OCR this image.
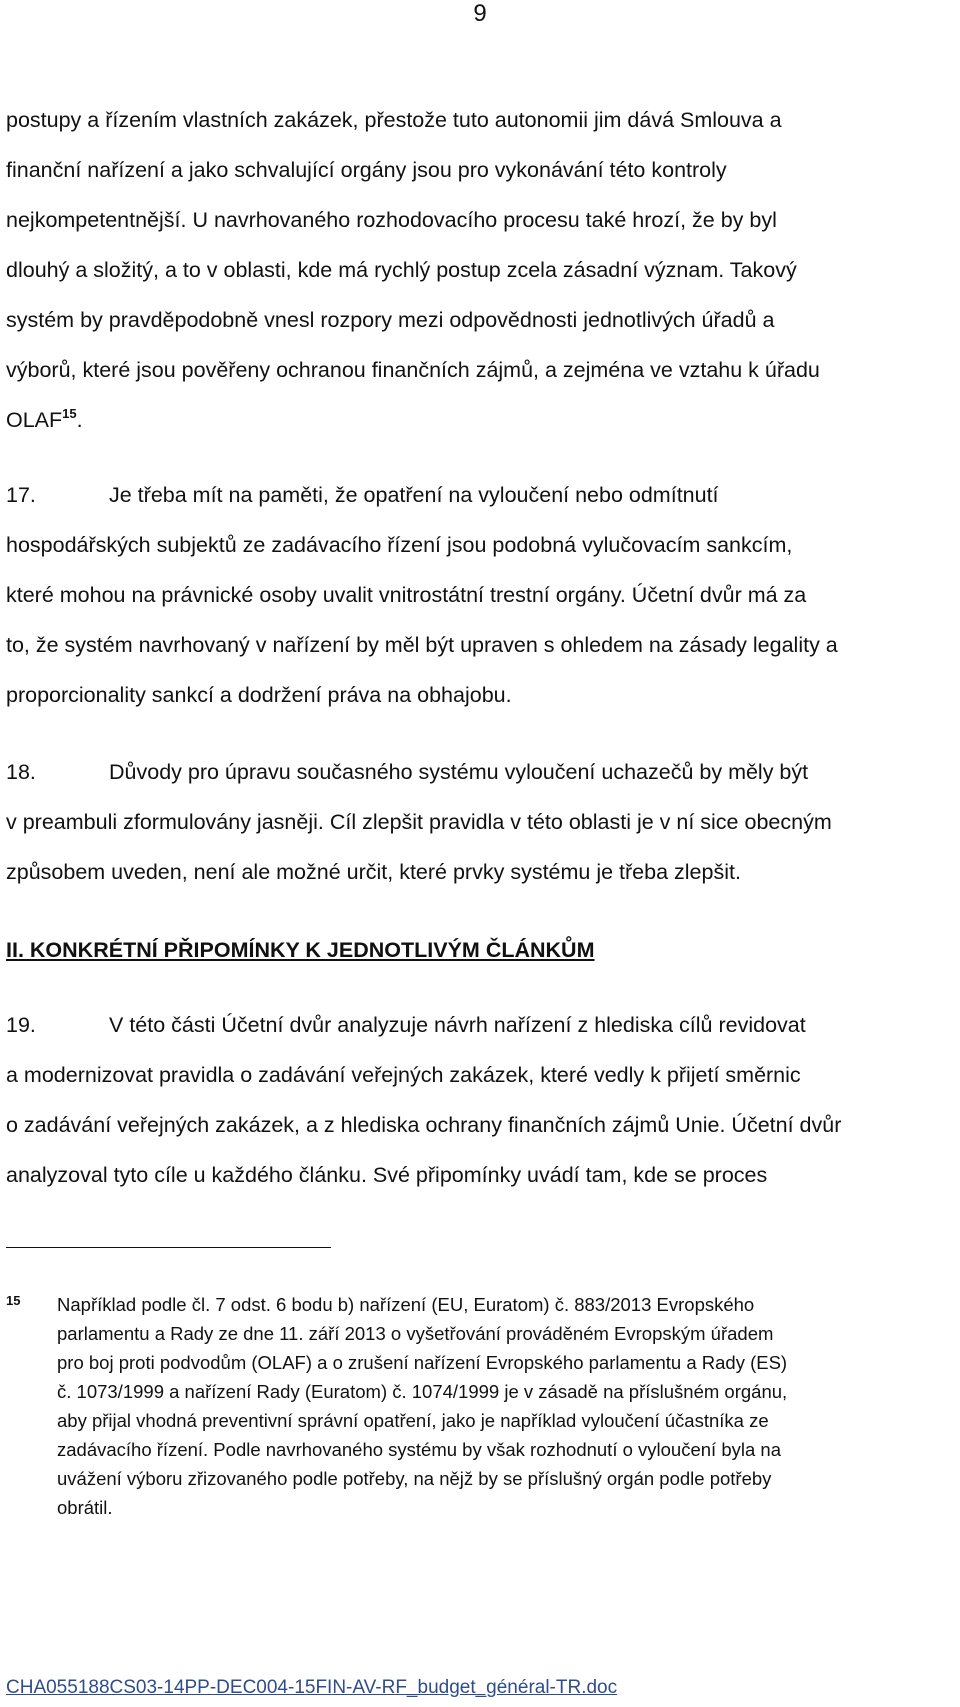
9
postupy a řízením vlastních zakázek, přestože tuto autonomii jim dává Smlouva a
finanční nařízení a jako schvalující orgány jsou pro vykonávání této kontroly
nejkompetentnější. U navrhovaného rozhodovacího procesu také hrozí, že by byl
dlouhý a složitý, a to v oblasti, kde má rychlý postup zcela zásadní význam. Takový
systém by pravděpodobně vnesl rozpory mezi odpovědnosti jednotlivých úřadů a
výborů, které jsou pověřeny ochranou finančních zájmů, a zejména ve vztahu k úřadu
OLAF$^{15}$.
17.	Je třeba mít na paměti, že opatření na vyloučení nebo odmítnutí
hospodářských subjektů ze zadávacího řízení jsou podobná vylučovacím sankcím,
které mohou na právnické osoby uvalit vnitrostátní trestní orgány. Účetní dvůr má za
to, že systém navrhovaný v nařízení by měl být upraven s ohledem na zásady legality a
proporcionality sankcí a dodržení práva na obhajobu.
18.	Důvody pro úpravu současného systému vyloučení uchazečů by měly být
v preambuli zformulovány jasněji. Cíl zlepšit pravidla v této oblasti je v ní sice obecným
způsobem uveden, není ale možné určit, které prvky systému je třeba zlepšit.
II. KONKRÉTNÍ PŘIPOMÍNKY K JEDNOTLIVÝM ČLÁNKŮM
19.	V této části Účetní dvůr analyzuje návrh nařízení z hlediska cílů revidovat
a modernizovat pravidla o zadávání veřejných zakázek, které vedly k přijetí směrnic
o zadávání veřejných zakázek, a z hlediska ochrany finančních zájmů Unie. Účetní dvůr
analyzoval tyto cíle u každého článku. Své připomínky uvádí tam, kde se proces
15 Například podle čl. 7 odst. 6 bodu b) nařízení (EU, Euratom) č. 883/2013 Evropského
parlamentu a Rady ze dne 11. září 2013 o vyšetřování prováděném Evropským úřadem
pro boj proti podvodům (OLAF) a o zrušení nařízení Evropského parlamentu a Rady (ES)
č. 1073/1999 a nařízení Rady (Euratom) č. 1074/1999 je v zásadě na příslušném orgánu,
aby přijal vhodná preventivní správní opatření, jako je například vyloučení účastníka ze
zadávacího řízení. Podle navrhovaného systému by však rozhodnutí o vyloučení byla na
uvážení výboru zřizovaného podle potřeby, na nějž by se příslušný orgán podle potřeby
obrátil.
CHA055188CS03-14PP-DEC004-15FIN-AV-RF_budget_général-TR.doc
